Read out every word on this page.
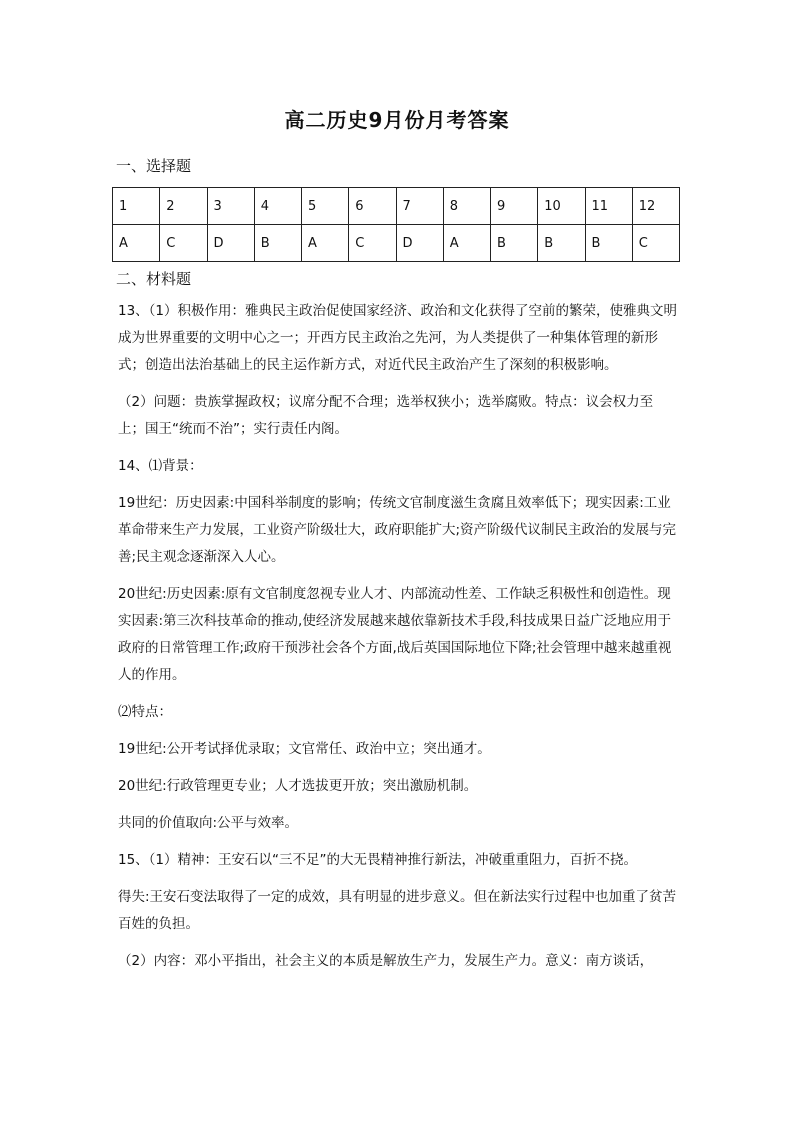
高二历史9月份月考答案
一、选择题
1	2	3	4	5	6	7	8	9	10	11	12
A	C	D	B	A	C	D	A	B	B	B	C
二、材料题

13、（1）积极作用：雅典民主政治促使国家经济、政治和文化获得了空前的繁荣，使雅典文明成为世界重要的文明中心之一；开西方民主政治之先河，为人类提供了一种集体管理的新形式；创造出法治基础上的民主运作新方式，对近代民主政治产生了深刻的积极影响。

（2）问题：贵族掌握政权；议席分配不合理；选举权狭小；选举腐败。特点：议会权力至上；国王“统而不治”；实行责任内阁。

14、⑴背景：

19世纪：历史因素:中国科举制度的影响；传统文官制度滋生贪腐且效率低下；现实因素:工业革命带来生产力发展，工业资产阶级壮大，政府职能扩大;资产阶级代议制民主政治的发展与完善;民主观念逐渐深入人心。

20世纪:历史因素:原有文官制度忽视专业人才、内部流动性差、工作缺乏积极性和创造性。现实因素:第三次科技革命的推动,使经济发展越来越依靠新技术手段,科技成果日益广泛地应用于政府的日常管理工作;政府干预涉社会各个方面,战后英国国际地位下降;社会管理中越来越重视人的作用。

⑵特点：

19世纪:公开考试择优录取；文官常任、政治中立；突出通才。

20世纪:行政管理更专业；人才选拔更开放；突出激励机制。

共同的价值取向:公平与效率。

15、（1）精神：王安石以“三不足”的大无畏精神推行新法，冲破重重阻力，百折不挠。

得失:王安石变法取得了一定的成效，具有明显的进步意义。但在新法实行过程中也加重了贫苦百姓的负担。

（2）内容：邓小平指出，社会主义的本质是解放生产力，发展生产力。意义：南方谈话，
